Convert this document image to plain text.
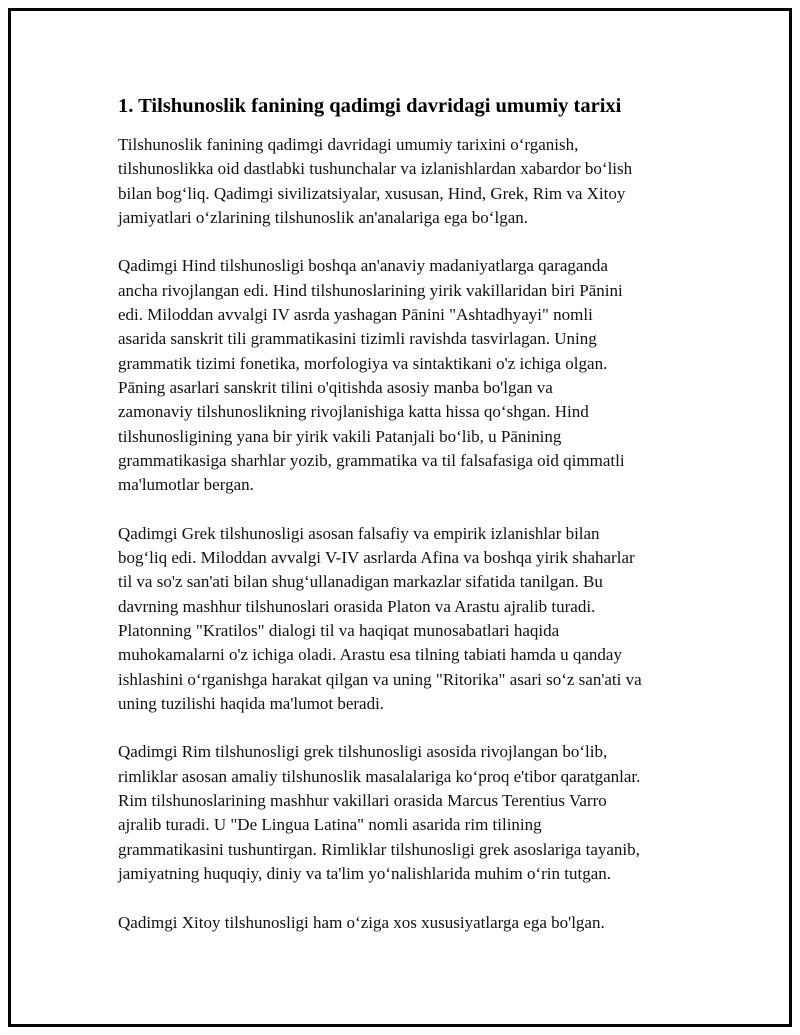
1. Tilshunoslik fanining qadimgi davridagi umumiy tarixi

Tilshunoslik fanining qadimgi davridagi umumiy tarixini o‘rganish,
tilshunoslikka oid dastlabki tushunchalar va izlanishlardan xabardor bo‘lish
bilan bog‘liq. Qadimgi sivilizatsiyalar, xususan, Hind, Grek, Rim va Xitoy
jamiyatlari o‘zlarining tilshunoslik an'analariga ega bo‘lgan.

Qadimgi Hind tilshunosligi boshqa an'anaviy madaniyatlarga qaraganda
ancha rivojlangan edi. Hind tilshunoslarining yirik vakillaridan biri Pānini
edi. Miloddan avvalgi IV asrda yashagan Pānini "Ashtadhyayi" nomli
asarida sanskrit tili grammatikasini tizimli ravishda tasvirlagan. Uning
grammatik tizimi fonetika, morfologiya va sintaktikani o'z ichiga olgan.
Pāning asarlari sanskrit tilini o'qitishda asosiy manba bo'lgan va
zamonaviy tilshunoslikning rivojlanishiga katta hissa qo‘shgan. Hind
tilshunosligining yana bir yirik vakili Patanjali bo‘lib, u Pānining
grammatikasiga sharhlar yozib, grammatika va til falsafasiga oid qimmatli
ma'lumotlar bergan.

Qadimgi Grek tilshunosligi asosan falsafiy va empirik izlanishlar bilan
bog‘liq edi. Miloddan avvalgi V-IV asrlarda Afina va boshqa yirik shaharlar
til va so'z san'ati bilan shug‘ullanadigan markazlar sifatida tanilgan. Bu
davrning mashhur tilshunoslari orasida Platon va Arastu ajralib turadi.
Platonning "Kratilos" dialogi til va haqiqat munosabatlari haqida
muhokamalarni o'z ichiga oladi. Arastu esa tilning tabiati hamda u qanday
ishlashini o‘rganishga harakat qilgan va uning "Ritorika" asari so‘z san'ati va
uning tuzilishi haqida ma'lumot beradi.

Qadimgi Rim tilshunosligi grek tilshunosligi asosida rivojlangan bo‘lib,
rimliklar asosan amaliy tilshunoslik masalalariga ko‘proq e'tibor qaratganlar.
Rim tilshunoslarining mashhur vakillari orasida Marcus Terentius Varro
ajralib turadi. U "De Lingua Latina" nomli asarida rim tilining
grammatikasini tushuntirgan. Rimliklar tilshunosligi grek asoslariga tayanib,
jamiyatning huquqiy, diniy va ta'lim yo‘nalishlarida muhim o‘rin tutgan.

Qadimgi Xitoy tilshunosligi ham o‘ziga xos xususiyatlarga ega bo'lgan.
